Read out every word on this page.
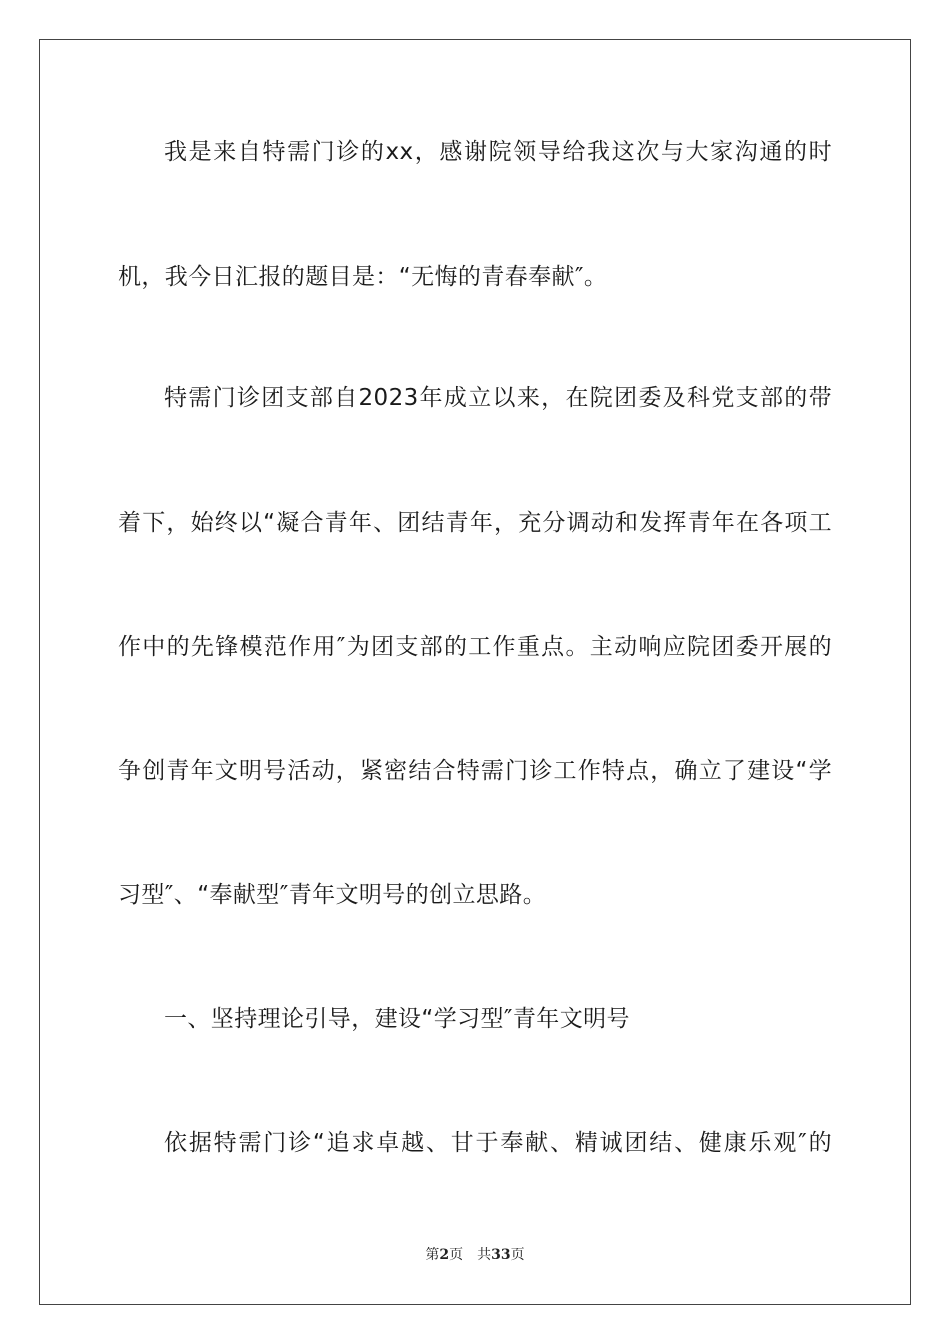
我是来自特需门诊的xx，感谢院领导给我这次与大家沟通的时
机，我今日汇报的题目是：“无悔的青春奉献″。
特需门诊团支部自2023年成立以来，在院团委及科党支部的带
着下，始终以“凝合青年、团结青年，充分调动和发挥青年在各项工
作中的先锋模范作用″为团支部的工作重点。主动响应院团委开展的
争创青年文明号活动，紧密结合特需门诊工作特点，确立了建设“学
习型″、“奉献型″青年文明号的创立思路。
一、坚持理论引导，建设“学习型″青年文明号
依据特需门诊“追求卓越、甘于奉献、精诚团结、健康乐观″的
第2页 共33页
